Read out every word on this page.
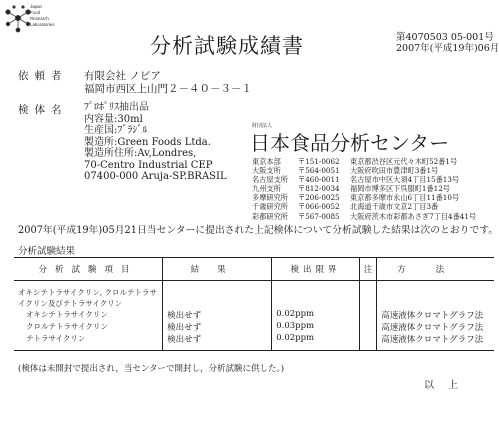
Japan
Food
Research
Laboratories
分析試験成績書	第4070503 05-001号
2007年(平成19年)06月
依頼者 有限会社 ノビア
福岡市西区上山門２－４０－３－１
検体名 ﾌﾟﾛﾎﾟﾘｽ抽出品
内容量:30ml
生産国:ﾌﾞﾗｼﾞﾙ
製造所:Green Foods Ltda.
製造所住所:Av,Londres,
70-Centro Industrial CEP
07400-000 Aruja-SP.BRASIL
財団法人
日本食品分析センター
東京本部	〒151-0062	東京都渋谷区元代々木町52番1号
大阪支所	〒564-0051	大阪府吹田市豊津町3番1号
名古屋支所	〒460-0011	名古屋市中区大須4丁目15番13号
九州支所	〒812-0034	福岡市博多区下呉服町1番12号
多摩研究所	〒206-0025	東京都多摩市永山6丁目11番10号
千歳研究所	〒066-0052	北海道千歳市文京2丁目3番
彩都研究所	〒567-0085	大阪府茨木市彩都あさぎ7丁目4番41号
2007年(平成19年)05月21日当センターに提出された上記検体について分析試験した結果は次のとおりです。
分析試験結果
分析試験項目	結果	検出限界	注	方法
オキシテトラサイクリン, クロルテトラサイクリン及びテトラサイクリン				
オキシテトラサイクリン	検出せず	0.02ppm		高速液体クロマトグラフ法
クロルテトラサイクリン	検出せず	0.03ppm		高速液体クロマトグラフ法
テトラサイクリン	検出せず	0.02ppm		高速液体クロマトグラフ法
(検体は未開封で提出され，当センターで開封し，分析試験に供した。)
以上
